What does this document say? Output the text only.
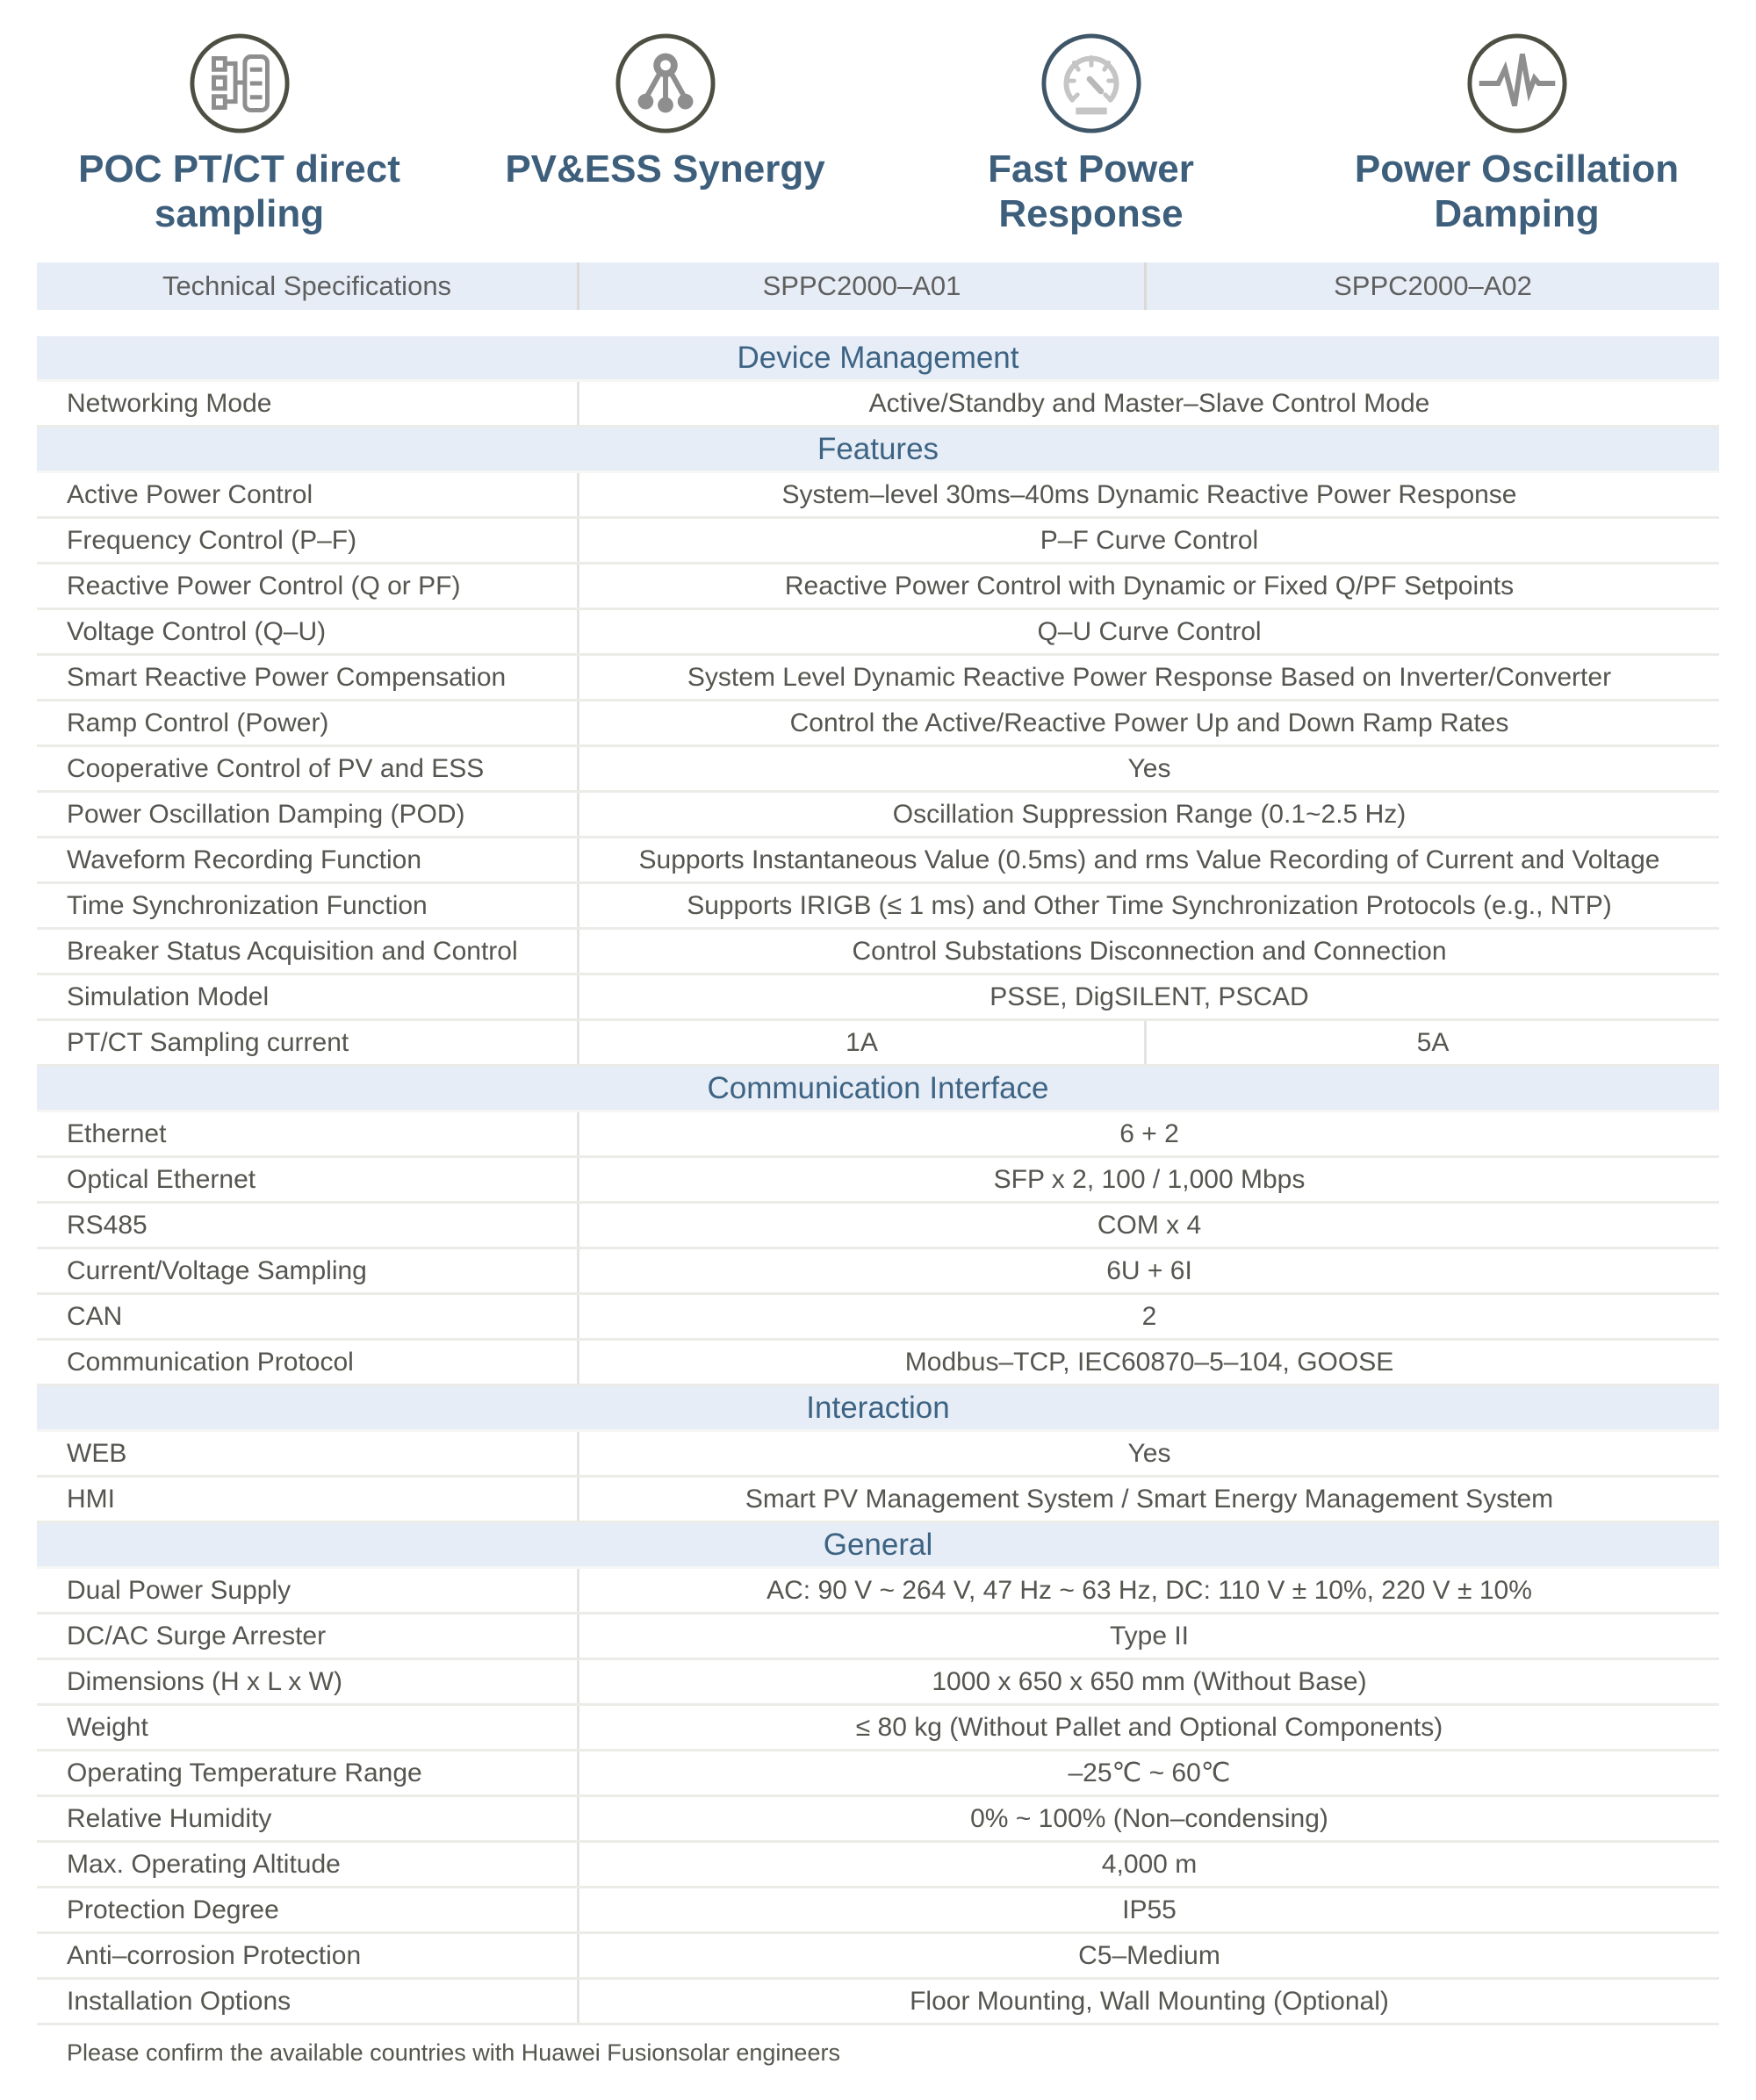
POC PT/CT direct sampling
PV&ESS Synergy	Fast Power Response
Power Oscillation Damping
Technical Specifications	SPPC2000–A01	SPPC2000–A02
Device Management
Networking Mode	Active/Standby and Master–Slave Control Mode
Features
Active Power Control	System–level 30ms–40ms Dynamic Reactive Power Response
Frequency Control (P–F)	P–F Curve Control
Reactive Power Control (Q or PF)	Reactive Power Control with Dynamic or Fixed Q/PF Setpoints
Voltage Control (Q–U)	Q–U Curve Control
Smart Reactive Power Compensation	System Level Dynamic Reactive Power Response Based on Inverter/Converter
Ramp Control (Power)	Control the Active/Reactive Power Up and Down Ramp Rates
Cooperative Control of PV and ESS	Yes
Power Oscillation Damping (POD)	Oscillation Suppression Range (0.1~2.5 Hz)
Waveform Recording Function	Supports Instantaneous Value (0.5ms) and rms Value Recording of Current and Voltage
Time Synchronization Function	Supports IRIGB (≤ 1 ms) and Other Time Synchronization Protocols (e.g., NTP)
Breaker Status Acquisition and Control	Control Substations Disconnection and Connection
Simulation Model	PSSE, DigSILENT, PSCAD
PT/CT Sampling current	1A	5A
Communication Interface
Ethernet	6 + 2
Optical Ethernet	SFP x 2, 100 / 1,000 Mbps
RS485	COM x 4
Current/Voltage Sampling	6U + 6I
CAN	2
Communication Protocol	Modbus–TCP, IEC60870–5–104, GOOSE
Interaction
WEB	Yes
HMI	Smart PV Management System / Smart Energy Management System
General
Dual Power Supply	AC: 90 V ~ 264 V, 47 Hz ~ 63 Hz, DC: 110 V ± 10%, 220 V ± 10%
DC/AC Surge Arrester	Type II
Dimensions (H x L x W)	1000 x 650 x 650 mm (Without Base)
Weight	≤ 80 kg (Without Pallet and Optional Components)
Operating Temperature Range	–25℃ ~ 60℃
Relative Humidity	0% ~ 100% (Non–condensing)
Max. Operating Altitude	4,000 m
Protection Degree	IP55
Anti–corrosion Protection	C5–Medium
Installation Options	Floor Mounting, Wall Mounting (Optional)
Please confirm the available countries with Huawei Fusionsolar engineers
